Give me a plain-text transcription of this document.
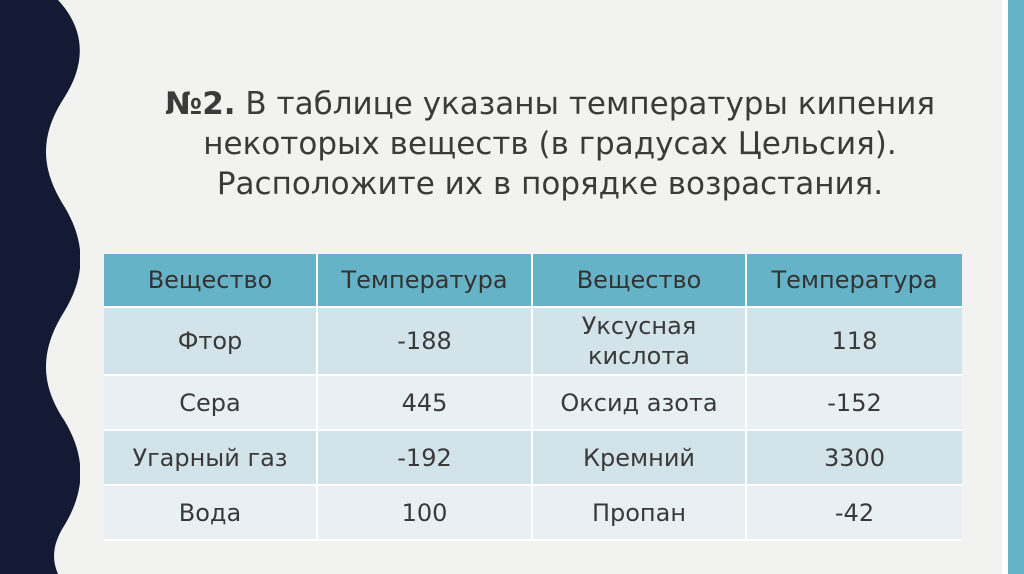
№2. В таблице указаны температуры кипения некоторых веществ (в градусах Цельсия). Расположите их в порядке возрастания.
Вещество	Температура	Вещество	Температура
Фтор	-188	Уксусная кислота	118
Сера	445	Оксид азота	-152
Угарный газ	-192	Кремний	3300
Вода	100	Пропан	-42
